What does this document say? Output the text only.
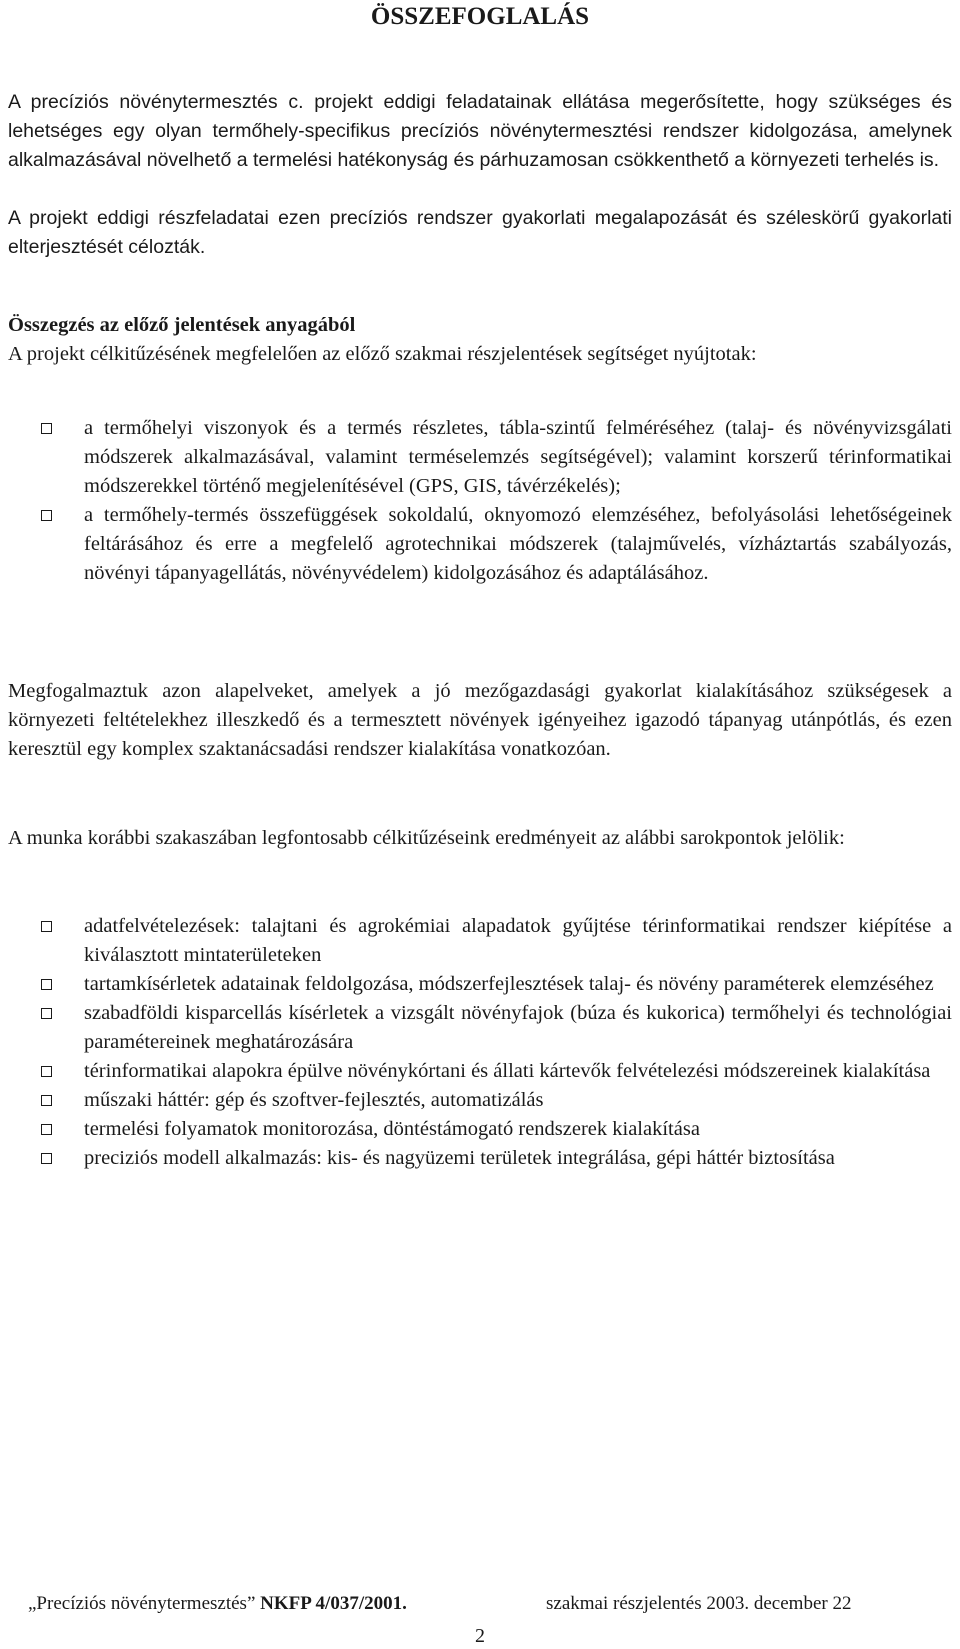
ÖSSZEFOGLALÁS
A precíziós növénytermesztés c. projekt eddigi feladatainak ellátása megerősítette, hogy szükséges és lehetséges egy olyan termőhely-specifikus precíziós növénytermesztési rendszer kidolgozása, amelynek alkalmazásával növelhető a termelési hatékonyság és párhuzamosan csökkenthető a környezeti terhelés is.
A projekt eddigi részfeladatai ezen precíziós rendszer gyakorlati megalapozását és széleskörű gyakorlati elterjesztését célozták.
Összegzés az előző jelentések anyagából
A projekt célkitűzésének megfelelően az előző szakmai részjelentések segítséget nyújtotak:
a termőhelyi viszonyok és a termés részletes, tábla-szintű felméréséhez (talaj- és növényvizsgálati módszerek alkalmazásával, valamint terméselemzés segítségével); valamint korszerű térinformatikai módszerekkel történő megjelenítésével (GPS, GIS, távérzékelés);
a termőhely-termés összefüggések sokoldalú, oknyomozó elemzéséhez, befolyásolási lehetőségeinek feltárásához és erre a megfelelő agrotechnikai módszerek (talajművelés, vízháztartás szabályozás, növényi tápanyagellátás, növényvédelem) kidolgozásához és adaptálásához.
Megfogalmaztuk azon alapelveket, amelyek a jó mezőgazdasági gyakorlat kialakításához szükségesek a környezeti feltételekhez illeszkedő és a termesztett növények igényeihez igazodó tápanyag utánpótlás, és ezen keresztül egy komplex szaktanácsadási rendszer kialakítása vonatkozóan.
A munka korábbi szakaszában legfontosabb célkitűzéseink eredményeit az alábbi sarokpontok jelölik:
adatfelvételezések: talajtani és agrokémiai alapadatok gyűjtése térinformatikai rendszer kiépítése a kiválasztott mintaterületeken
tartamkísérletek adatainak feldolgozása, módszerfejlesztések talaj- és növény paraméterek elemzéséhez
szabadföldi kisparcellás kísérletek a vizsgált növényfajok (búza és kukorica) termőhelyi és technológiai paramétereinek meghatározására
térinformatikai alapokra épülve növénykórtani és állati kártevők felvételezési módszereinek kialakítása
műszaki háttér: gép és szoftver-fejlesztés, automatizálás
termelési folyamatok monitorozása, döntéstámogató rendszerek kialakítása
preciziós modell alkalmazás: kis- és nagyüzemi területek integrálása, gépi háttér biztosítása
„Precíziós növénytermesztés” NKFP 4/037/2001.	szakmai részjelentés 2003. december 22
2
